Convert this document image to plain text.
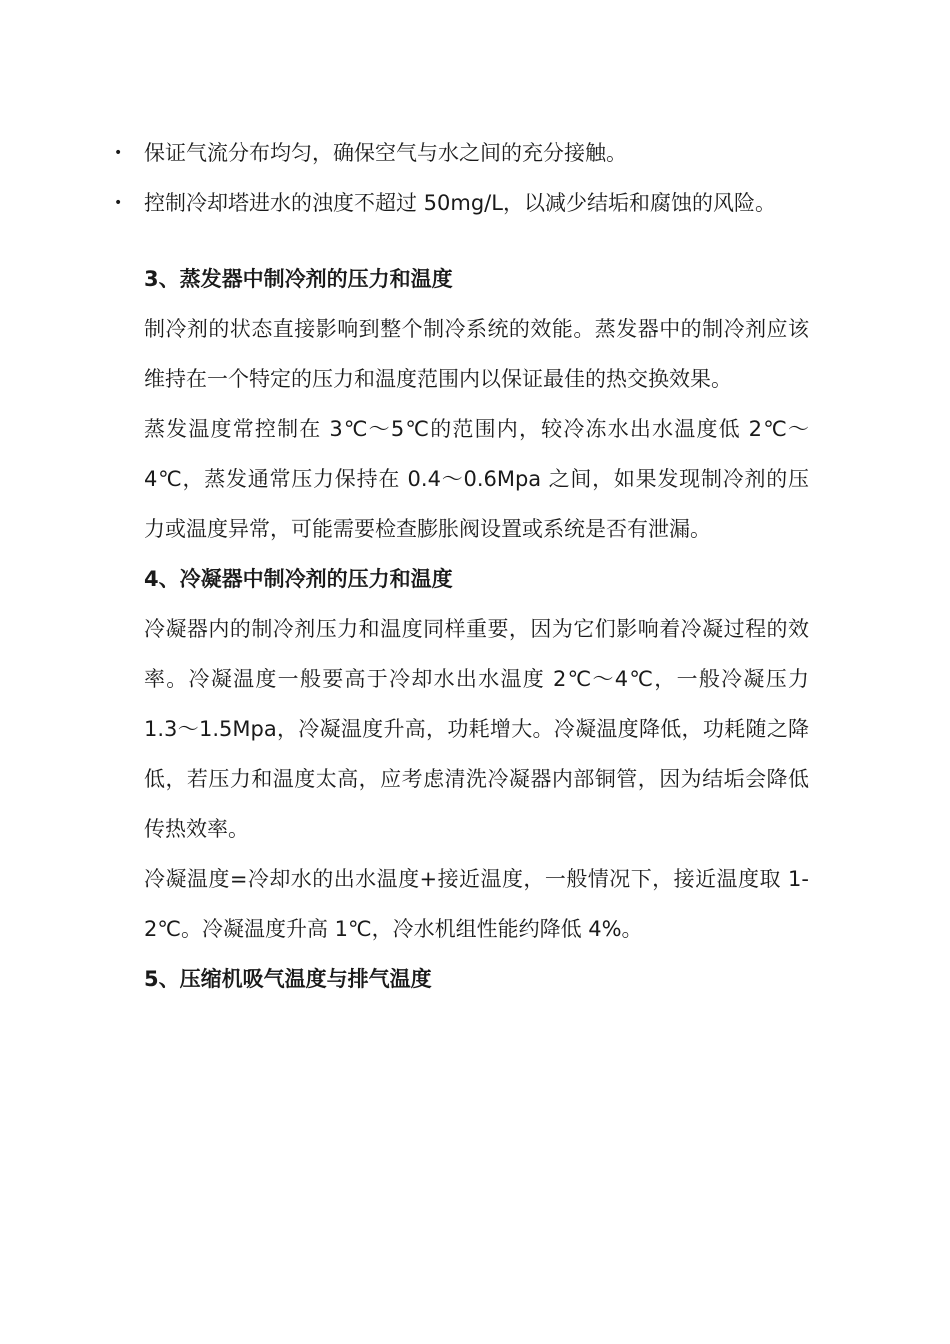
• 保证气流分布均匀，确保空气与水之间的充分接触。
• 控制冷却塔进水的浊度不超过 50mg/L，以减少结垢和腐蚀的风险。

3、蒸发器中制冷剂的压力和温度

制冷剂的状态直接影响到整个制冷系统的效能。蒸发器中的制冷剂应该维持在一个特定的压力和温度范围内以保证最佳的热交换效果。

蒸发温度常控制在 3℃～5℃的范围内，较冷冻水出水温度低 2℃～4℃，蒸发通常压力保持在 0.4～0.6Mpa 之间，如果发现制冷剂的压力或温度异常，可能需要检查膨胀阀设置或系统是否有泄漏。

4、冷凝器中制冷剂的压力和温度

冷凝器内的制冷剂压力和温度同样重要，因为它们影响着冷凝过程的效率。冷凝温度一般要高于冷却水出水温度 2℃～4℃，一般冷凝压力 1.3～1.5Mpa，冷凝温度升高，功耗增大。冷凝温度降低，功耗随之降低，若压力和温度太高，应考虑清洗冷凝器内部铜管，因为结垢会降低传热效率。

冷凝温度=冷却水的出水温度+接近温度，一般情况下，接近温度取 1-2℃。冷凝温度升高 1℃，冷水机组性能约降低 4%。

5、压缩机吸气温度与排气温度
